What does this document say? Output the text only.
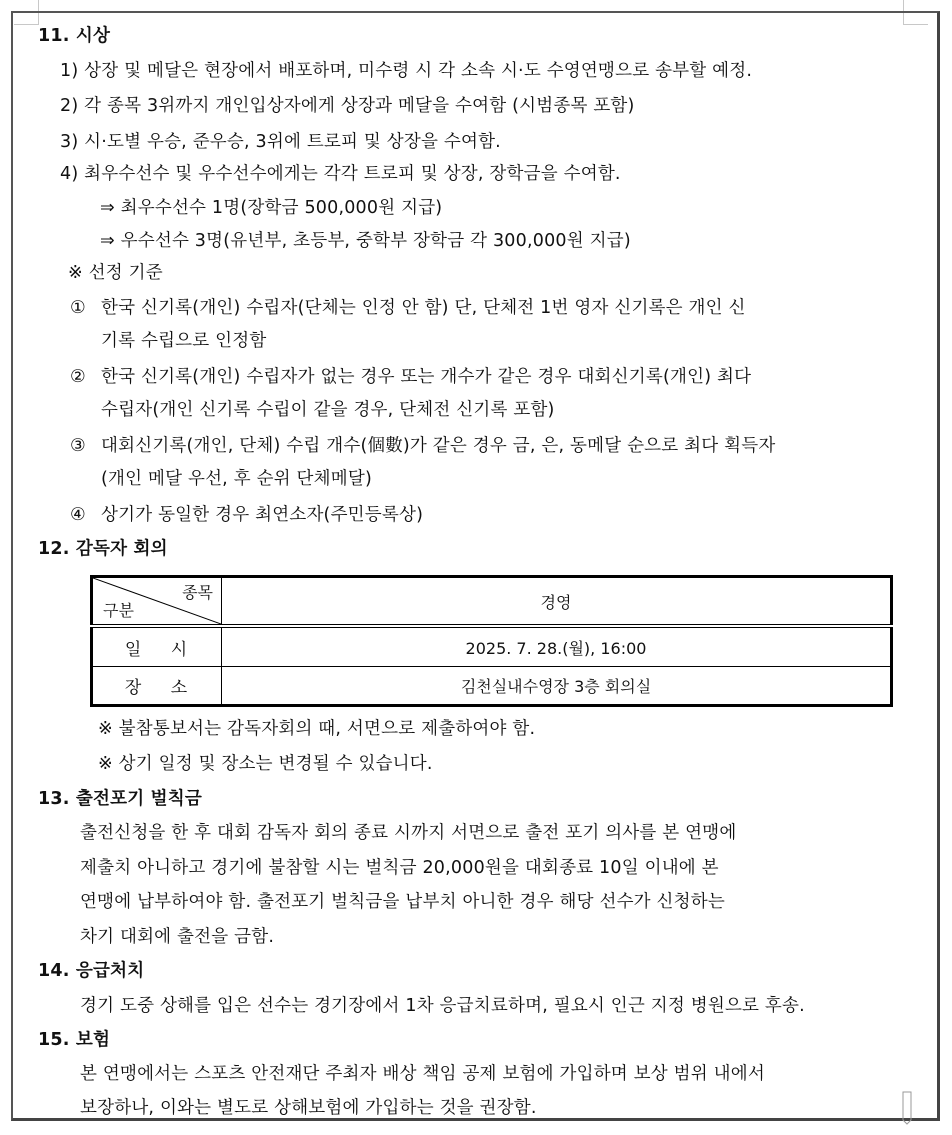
11. 시상
1) 상장 및 메달은 현장에서 배포하며, 미수령 시 각 소속 시·도 수영연맹으로 송부할 예정.
2) 각 종목 3위까지 개인입상자에게 상장과 메달을 수여함 (시범종목 포함)
3) 시·도별 우승, 준우승, 3위에 트로피 및 상장을 수여함.
4) 최우수선수 및 우수선수에게는 각각 트로피 및 상장, 장학금을 수여함.
⇒ 최우수선수 1명(장학금 500,000원 지급)
⇒ 우수선수 3명(유년부, 초등부, 중학부 장학금 각 300,000원 지급)
※ 선정 기준
① 한국 신기록(개인) 수립자(단체는 인정 안 함) 단, 단체전 1번 영자 신기록은 개인 신
기록 수립으로 인정함
② 한국 신기록(개인) 수립자가 없는 경우 또는 개수가 같은 경우 대회신기록(개인) 최다
수립자(개인 신기록 수립이 같을 경우, 단체전 신기록 포함)
③ 대회신기록(개인, 단체) 수립 개수(個數)가 같은 경우 금, 은, 동메달 순으로 최다 획득자
(개인 메달 우선, 후 순위 단체메달)
④ 상기가 동일한 경우 최연소자(주민등록상)
12. 감독자 회의
종목
구분	경영
일 시	2025. 7. 28.(월), 16:00
장 소	김천실내수영장 3층 회의실
※ 불참통보서는 감독자회의 때, 서면으로 제출하여야 함.
※ 상기 일정 및 장소는 변경될 수 있습니다.
13. 출전포기 벌칙금
출전신청을 한 후 대회 감독자 회의 종료 시까지 서면으로 출전 포기 의사를 본 연맹에
제출치 아니하고 경기에 불참할 시는 벌칙금 20,000원을 대회종료 10일 이내에 본
연맹에 납부하여야 함. 출전포기 벌칙금을 납부치 아니한 경우 해당 선수가 신청하는
차기 대회에 출전을 금함.
14. 응급처치
경기 도중 상해를 입은 선수는 경기장에서 1차 응급치료하며, 필요시 인근 지정 병원으로 후송.
15. 보험
본 연맹에서는 스포츠 안전재단 주최자 배상 책임 공제 보험에 가입하며 보상 범위 내에서
보장하나, 이와는 별도로 상해보험에 가입하는 것을 권장함.
